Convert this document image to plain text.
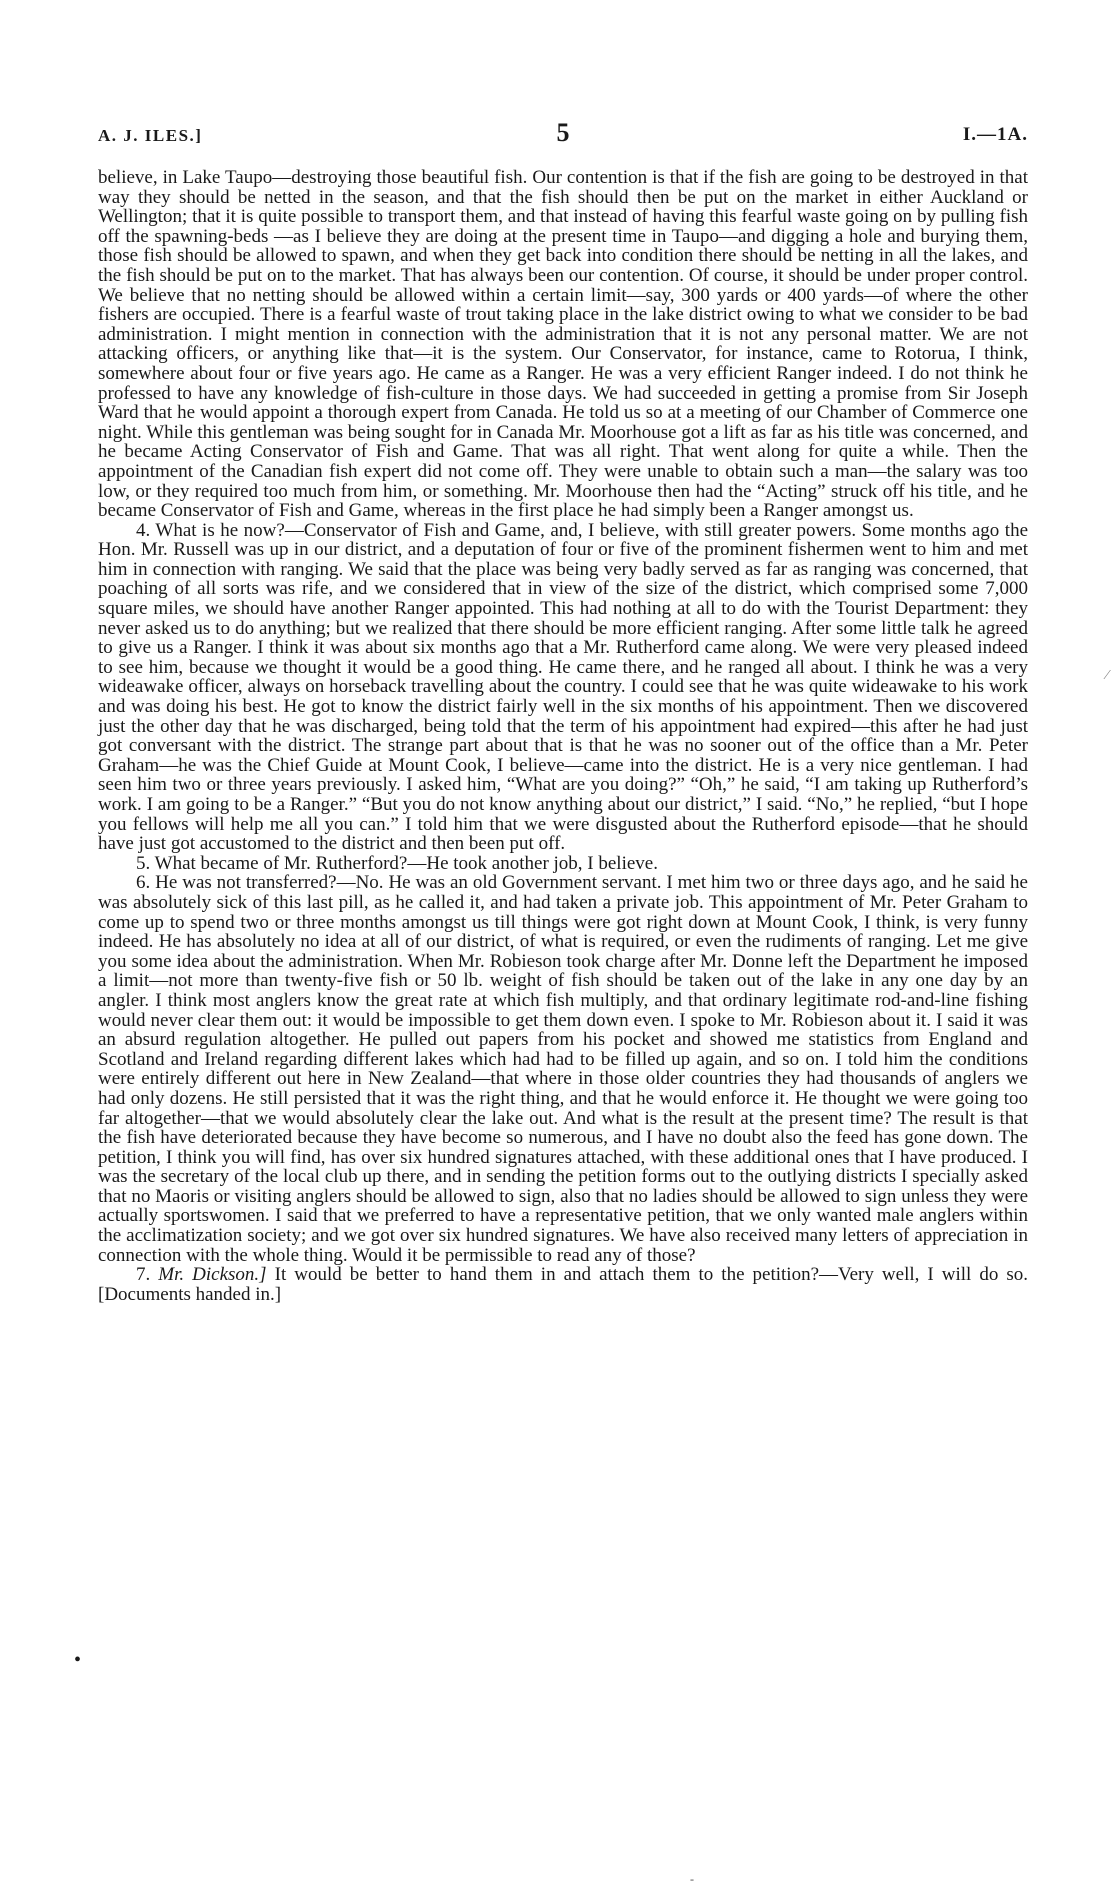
A. J. ILES.]	5	I.—1A.

believe, in Lake Taupo—destroying those beautiful fish. Our contention is that if the fish are going to be destroyed in that way they should be netted in the season, and that the fish should then be put on the market in either Auckland or Wellington; that it is quite possible to transport them, and that instead of having this fearful waste going on by pulling fish off the spawning-beds —as I believe they are doing at the present time in Taupo—and digging a hole and burying them, those fish should be allowed to spawn, and when they get back into condition there should be netting in all the lakes, and the fish should be put on to the market. That has always been our contention. Of course, it should be under proper control. We believe that no netting should be allowed within a certain limit—say, 300 yards or 400 yards—of where the other fishers are occupied. There is a fearful waste of trout taking place in the lake district owing to what we consider to be bad administration. I might mention in connection with the administration that it is not any personal matter. We are not attacking officers, or anything like that—it is the system. Our Conservator, for instance, came to Rotorua, I think, somewhere about four or five years ago. He came as a Ranger. He was a very efficient Ranger indeed. I do not think he professed to have any knowledge of fish-culture in those days. We had succeeded in getting a promise from Sir Joseph Ward that he would appoint a thorough expert from Canada. He told us so at a meeting of our Chamber of Commerce one night. While this gentleman was being sought for in Canada Mr. Moorhouse got a lift as far as his title was concerned, and he became Acting Conservator of Fish and Game. That was all right. That went along for quite a while. Then the appointment of the Canadian fish expert did not come off. They were unable to obtain such a man—the salary was too low, or they required too much from him, or something. Mr. Moorhouse then had the “Acting” struck off his title, and he became Conservator of Fish and Game, whereas in the first place he had simply been a Ranger amongst us.

4. What is he now?—Conservator of Fish and Game, and, I believe, with still greater powers. Some months ago the Hon. Mr. Russell was up in our district, and a deputation of four or five of the prominent fishermen went to him and met him in connection with ranging. We said that the place was being very badly served as far as ranging was concerned, that poaching of all sorts was rife, and we considered that in view of the size of the district, which comprised some 7,000 square miles, we should have another Ranger appointed. This had nothing at all to do with the Tourist Department: they never asked us to do anything; but we realized that there should be more efficient ranging. After some little talk he agreed to give us a Ranger. I think it was about six months ago that a Mr. Rutherford came along. We were very pleased indeed to see him, because we thought it would be a good thing. He came there, and he ranged all about. I think he was a very wideawake officer, always on horseback travelling about the country. I could see that he was quite wideawake to his work and was doing his best. He got to know the district fairly well in the six months of his appointment. Then we discovered just the other day that he was discharged, being told that the term of his appointment had expired—this after he had just got conversant with the district. The strange part about that is that he was no sooner out of the office than a Mr. Peter Graham—he was the Chief Guide at Mount Cook, I believe—came into the district. He is a very nice gentleman. I had seen him two or three years previously. I asked him, “What are you doing?” “Oh,” he said, “I am taking up Rutherford’s work. I am going to be a Ranger.” “But you do not know anything about our district,” I said. “No,” he replied, “but I hope you fellows will help me all you can.” I told him that we were disgusted about the Rutherford episode—that he should have just got accustomed to the district and then been put off.

5. What became of Mr. Rutherford?—He took another job, I believe.

6. He was not transferred?—No. He was an old Government servant. I met him two or three days ago, and he said he was absolutely sick of this last pill, as he called it, and had taken a private job. This appointment of Mr. Peter Graham to come up to spend two or three months amongst us till things were got right down at Mount Cook, I think, is very funny indeed. He has absolutely no idea at all of our district, of what is required, or even the rudiments of ranging. Let me give you some idea about the administration. When Mr. Robieson took charge after Mr. Donne left the Department he imposed a limit—not more than twenty-five fish or 50 lb. weight of fish should be taken out of the lake in any one day by an angler. I think most anglers know the great rate at which fish multiply, and that ordinary legitimate rod-and-line fishing would never clear them out: it would be impossible to get them down even. I spoke to Mr. Robieson about it. I said it was an absurd regulation altogether. He pulled out papers from his pocket and showed me statistics from England and Scotland and Ireland regarding different lakes which had had to be filled up again, and so on. I told him the conditions were entirely different out here in New Zealand—that where in those older countries they had thousands of anglers we had only dozens. He still persisted that it was the right thing, and that he would enforce it. He thought we were going too far altogether—that we would absolutely clear the lake out. And what is the result at the present time? The result is that the fish have deteriorated because they have become so numerous, and I have no doubt also the feed has gone down. The petition, I think you will find, has over six hundred signatures attached, with these additional ones that I have produced. I was the secretary of the local club up there, and in sending the petition forms out to the outlying districts I specially asked that no Maoris or visiting anglers should be allowed to sign, also that no ladies should be allowed to sign unless they were actually sportswomen. I said that we preferred to have a representative petition, that we only wanted male anglers within the acclimatization society; and we got over six hundred signatures. We have also received many letters of appreciation in connection with the whole thing. Would it be permissible to read any of those?

7. Mr. Dickson.] It would be better to hand them in and attach them to the petition?—Very well, I will do so. [Documents handed in.]

•
⁄
-
